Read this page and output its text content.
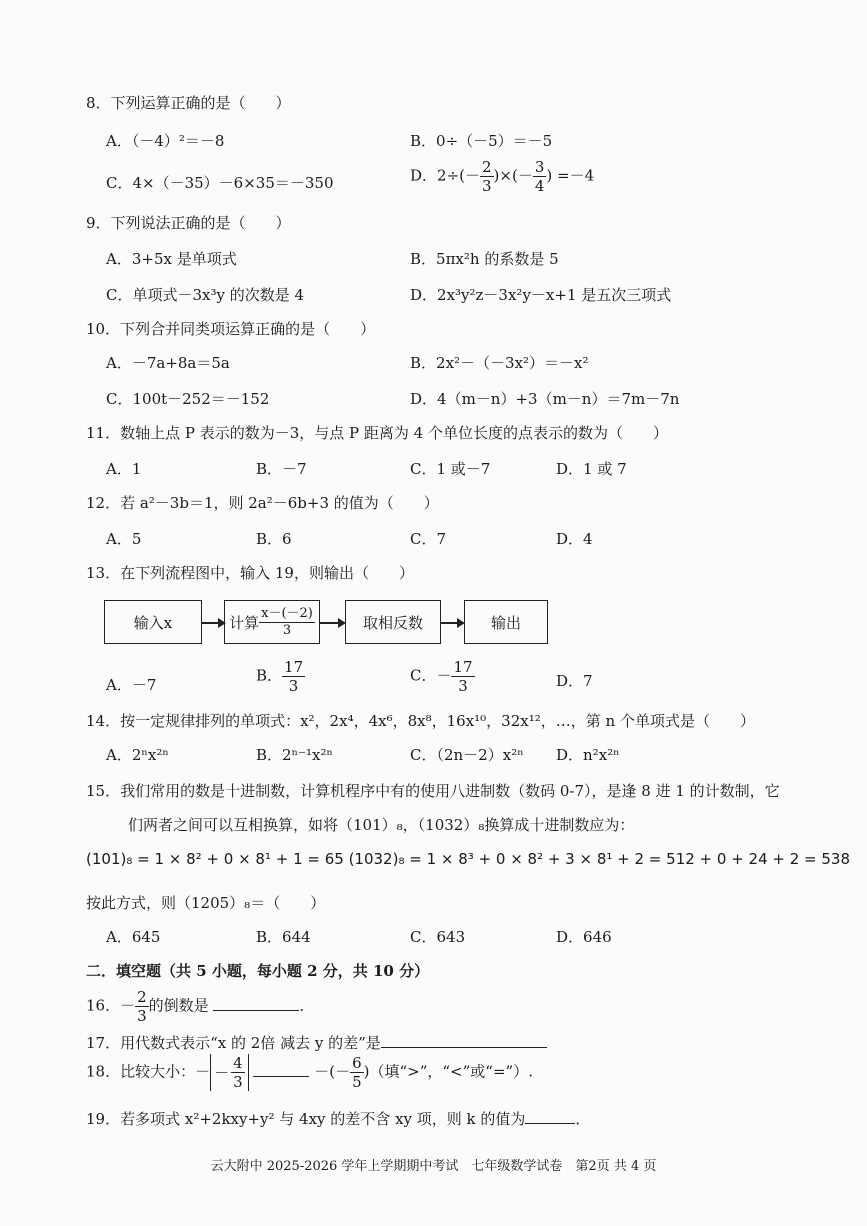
8．下列运算正确的是（　　）
A．（－4）²＝－8	B．0÷（－5）＝－5
C．4×（－35）－6×35＝－350	D．$2\div(- \frac{2}{3}$ )×(－ $\frac{3}{4}$ ) =－4
9．下列说法正确的是（　　）
A．3+5x 是单项式	B．5πx²h 的系数是 5
C．单项式－3x³y 的次数是 4	D．2x³y²z－3x²y－x+1 是五次三项式
10．下列合并同类项运算正确的是（　　）
A．－7a+8a＝5a	B．2x²－（－3x²）＝－x²
C．100t－252＝－152	D．4（m－n）+3（m－n）＝7m－7n
11．数轴上点 P 表示的数为－3，与点 P 距离为 4 个单位长度的点表示的数为（　　）
A．1	B．－7	C．1 或－7	D．1 或 7
12．若 a²－3b＝1，则 2a²－6b+3 的值为（　　）
A．5	B．6	C．7	D．4
13．在下列流程图中，输入 19，则输出（　　）
输入x	计算 $\frac{x-(-2)}{3}$	取相反数	输出
A．－7
B． $\frac{17}{3}$	C．－ $\frac{17}{3}$	D．7
14．按一定规律排列的单项式：x²，2x⁴，4x⁶，8x⁸，16x¹⁰，32x¹²，…，第 n 个单项式是（　　）
A．2ⁿx²ⁿ	B．2ⁿ⁻¹x²ⁿ	C．（2n－2）x²ⁿ D．n²x²ⁿ
15．我们常用的数是十进制数，计算机程序中有的使用八进制数（数码 0-7），是逢 8 进 1 的计数制，它
们两者之间可以互相换算，如将（101）₈，（1032）₈换算成十进制数应为：
(101)₈ = 1 × 8² + 0 × 8¹ + 1 = 65 (1032)₈ = 1 × 8³ + 0 × 8² + 3 × 8¹ + 2 = 512 + 0 + 24 + 2 = 538
按此方式，则（1205）₈＝（　　）
A．645	B．644	C．643	D．646
二．填空题（共 5 小题，每小题 2 分，共 10 分）
16．－ $\frac{2}{3}$ 的倒数是	．
17．用代数式表示“x 的 2倍 减去 y 的差”是
18．比较大小：－ － $\frac{4}{3}$	－(－ $\frac{6}{5}$ )（填“>”，“<”或“=”）.
19．若多项式 x²+2kxy+y² 与 4xy 的差不含 xy 项，则 k 的值为	．
云大附中 2025-2026 学年上学期期中考试　七年级数学试卷　第2页 共 4 页
